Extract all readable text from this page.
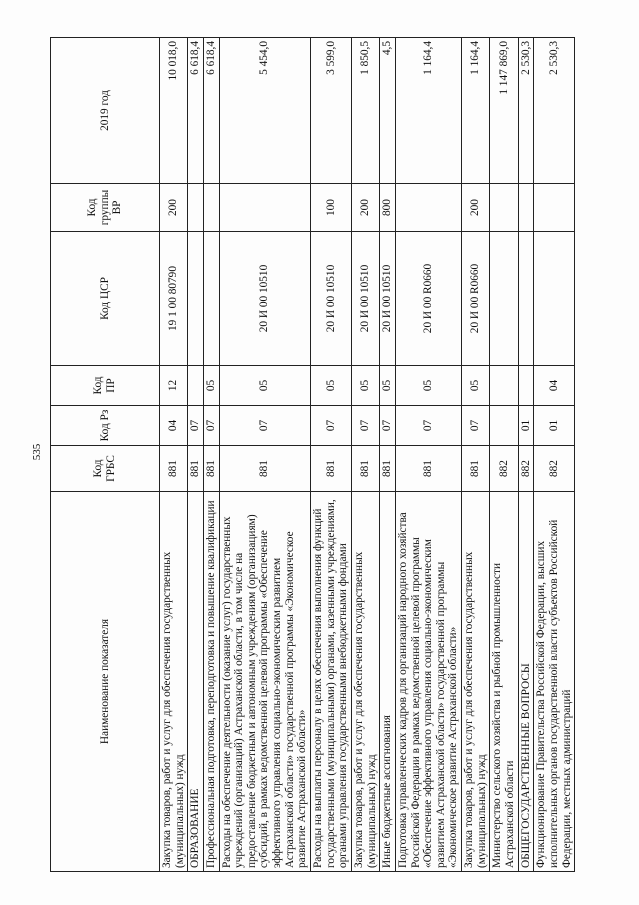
535
Наименование показателя	Код ГРБС	Код Рз	Код ПР	Код ЦСР	Код группы ВР	2019 год
Закупка товаров, работ и услуг для обеспечения государственных (муниципальных) нужд	881	04	12	19 1 00 80790	200	10 018,0
ОБРАЗОВАНИЕ	881	07				6 618,4
Профессиональная подготовка, переподготовка и повышение квалификации	881	07	05			6 618,4
Расходы на обеспечение деятельности (оказание услуг) государственных учреждений (организаций) Астраханской области, в том числе на предоставление бюджетным и автономным учреждениям (организациям) субсидий, в рамках ведомственной целевой программы «Обеспечение эффективного управления социально-экономическим развитием Астраханской области» государственной программы «Экономическое развитие Астраханской области»	881	07	05	20 И 00 10510		5 454,0
Расходы на выплаты персоналу в целях обеспечения выполнения функций государственными (муниципальными) органами, казенными учреждениями, органами управления государственными внебюджетными фондами	881	07	05	20 И 00 10510	100	3 599,0
Закупка товаров, работ и услуг для обеспечения государственных (муниципальных) нужд	881	07	05	20 И 00 10510	200	1 850,5
Иные бюджетные ассигнования	881	07	05	20 И 00 10510	800	4,5
Подготовка управленческих кадров для организаций народного хозяйства Российской Федерации в рамках ведомственной целевой программы «Обеспечение эффективного управления социально-экономическим развитием Астраханской области» государственной программы «Экономическое развитие Астраханской области»	881	07	05	20 И 00 R0660		1 164,4
Закупка товаров, работ и услуг для обеспечения государственных (муниципальных) нужд	881	07	05	20 И 00 R0660	200	1 164,4
Министерство сельского хозяйства и рыбной промышленности Астраханской области	882					1 147 869,0
ОБЩЕГОСУДАРСТВЕННЫЕ ВОПРОСЫ	882	01				2 530,3
Функционирование Правительства Российской Федерации, высших исполнительных органов государственной власти субъектов Российской Федерации, местных администраций	882	01	04			2 530,3
